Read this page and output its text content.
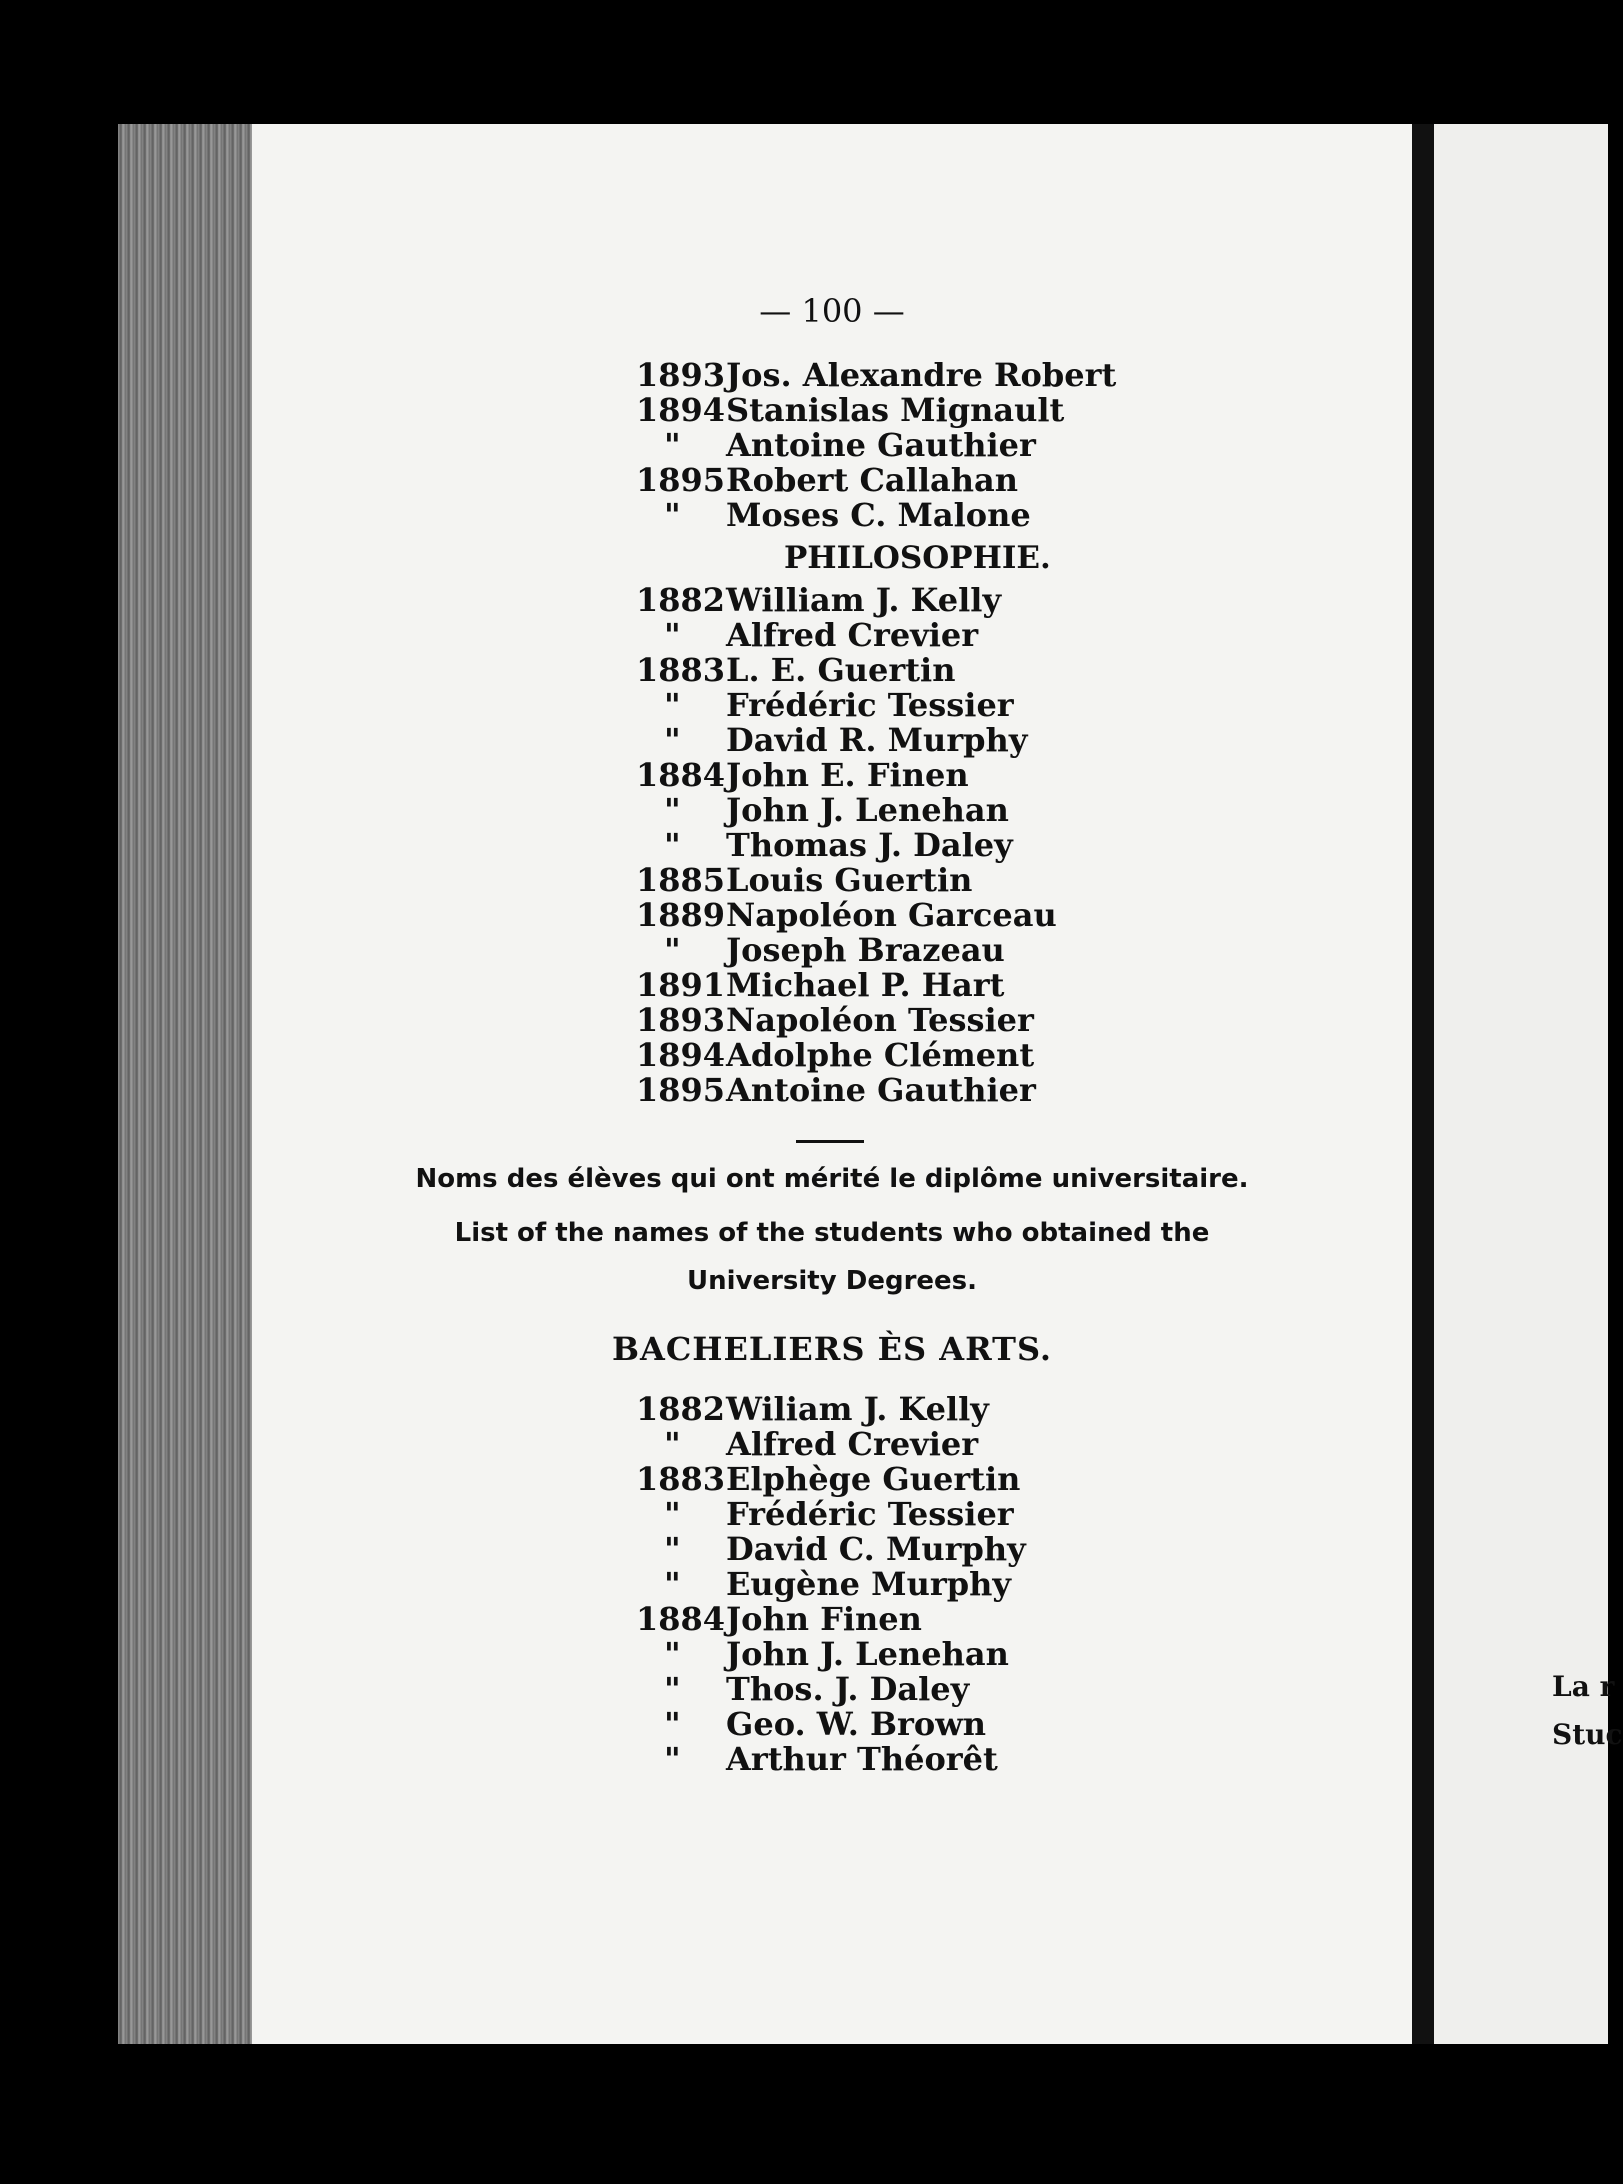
— 100 —
1893 Jos. Alexandre Robert
1894 Stanislas Mignault
" Antoine Gauthier
1895 Robert Callahan
" Moses C. Malone
PHILOSOPHIE.
1882 William J. Kelly
" Alfred Crevier
1883 L. E. Guertin
" Frédéric Tessier
" David R. Murphy
1884 John E. Finen
" John J. Lenehan
" Thomas J. Daley
1885 Louis Guertin
1889 Napoléon Garceau
" Joseph Brazeau
1891 Michael P. Hart
1893 Napoléon Tessier
1894 Adolphe Clément
1895 Antoine Gauthier
Noms des élèves qui ont mérité le diplôme universitaire.
List of the names of the students who obtained the
University Degrees.
BACHELIERS ÈS ARTS.
1882 Wiliam J. Kelly
" Alfred Crevier
1883 Elphège Guertin
" Frédéric Tessier
" David C. Murphy
" Eugène Murphy
1884 John Finen
" John J. Lenehan
" Thos. J. Daley
" Geo. W. Brown
" Arthur Théorêt
La r
Stuc
